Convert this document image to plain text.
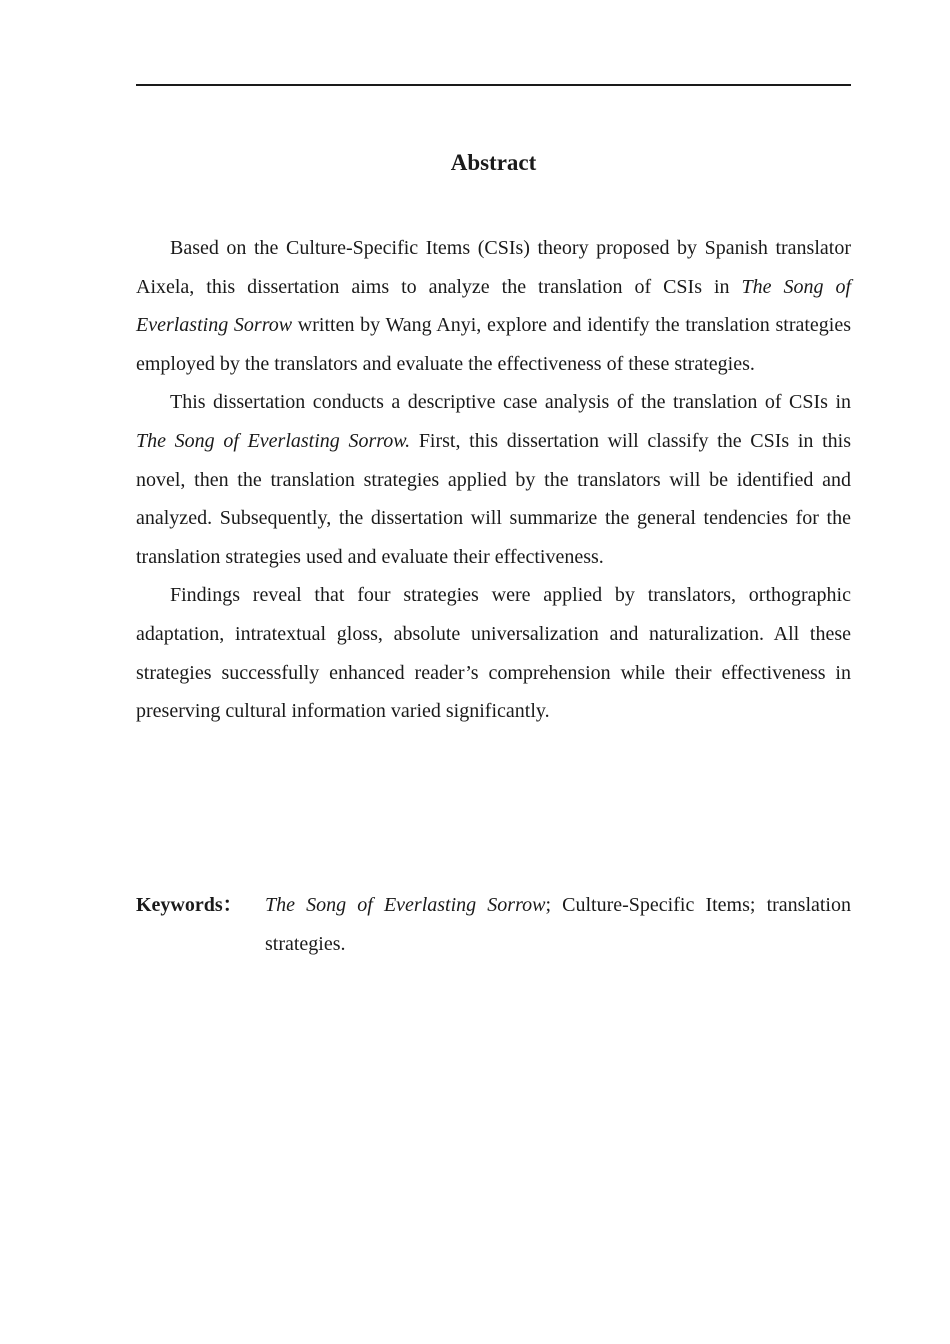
Abstract

Based on the Culture-Specific Items (CSIs) theory proposed by Spanish translator Aixela, this dissertation aims to analyze the translation of CSIs in The Song of Everlasting Sorrow written by Wang Anyi, explore and identify the translation strategies employed by the translators and evaluate the effectiveness of these strategies.

This dissertation conducts a descriptive case analysis of the translation of CSIs in The Song of Everlasting Sorrow. First, this dissertation will classify the CSIs in this novel, then the translation strategies applied by the translators will be identified and analyzed. Subsequently, the dissertation will summarize the general tendencies for the translation strategies used and evaluate their effectiveness.

Findings reveal that four strategies were applied by translators, orthographic adaptation, intratextual gloss, absolute universalization and naturalization. All these strategies successfully enhanced reader’s comprehension while their effectiveness in preserving cultural information varied significantly.

Keywords：	The Song of Everlasting Sorrow; Culture-Specific Items; translation strategies.
